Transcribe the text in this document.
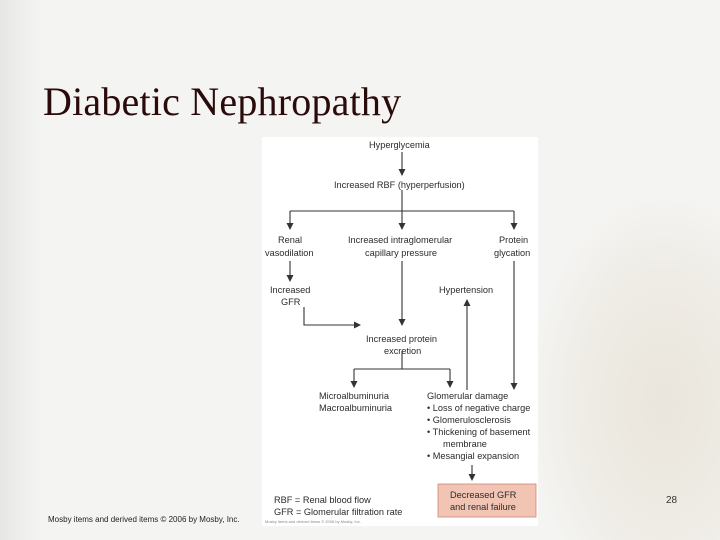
Diabetic Nephropathy
Hyperglycemia
Increased RBF (hyperperfusion)
Renal
vasodilation
Increased intraglomerular
capillary pressure
Protein
glycation
Increased
GFR
Hypertension
Increased protein
excretion
Microalbuminuria
Macroalbuminuria
Glomerular damage
• Loss of negative charge
• Glomerulosclerosis
• Thickening of basement
membrane
• Mesangial expansion
Decreased GFR
and renal failure
RBF = Renal blood flow
GFR = Glomerular filtration rate
Mosby items and derived items © 2006 by Mosby, Inc.
28
Mosby items and derived items © 2006 by Mosby, Inc.
